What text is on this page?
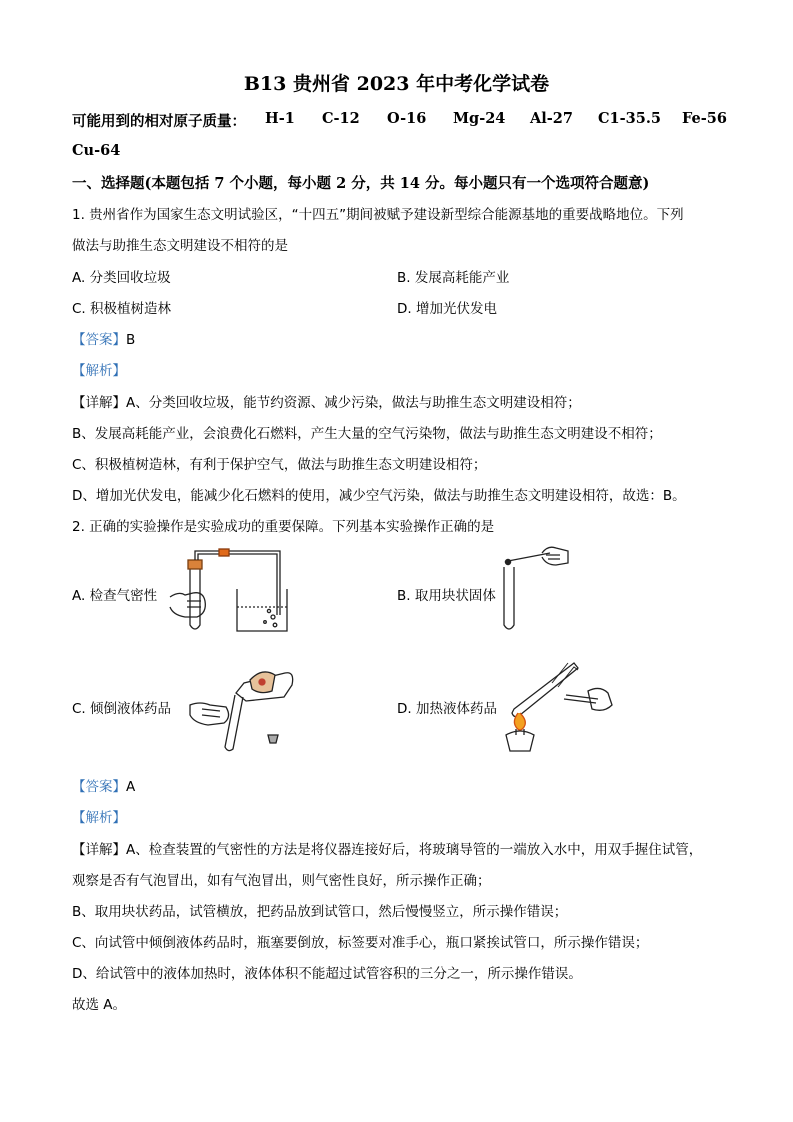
B13 贵州省 2023 年中考化学试卷
可能用到的相对原子质量： H-1 C-12 O-16 Mg-24 Al-27 C1-35.5 Fe-56
Cu-64
一、选择题(本题包括 7 个小题，每小题 2 分，共 14 分。每小题只有一个选项符合题意)
1. 贵州省作为国家生态文明试验区，“十四五”期间被赋予建设新型综合能源基地的重要战略地位。下列
做法与助推生态文明建设不相符的是
A. 分类回收垃圾	B. 发展高耗能产业
C. 积极植树造林	D. 增加光伏发电
【答案】B
【解析】
【详解】A、分类回收垃圾，能节约资源、减少污染，做法与助推生态文明建设相符；
B、发展高耗能产业，会浪费化石燃料，产生大量的空气污染物，做法与助推生态文明建设不相符；
C、积极植树造林，有利于保护空气，做法与助推生态文明建设相符；
D、增加光伏发电，能减少化石燃料的使用，减少空气污染，做法与助推生态文明建设相符，故选：B。
2. 正确的实验操作是实验成功的重要保障。下列基本实验操作正确的是
A. 检查气密性	B. 取用块状固体
C. 倾倒液体药品	D. 加热液体药品
【答案】A
【解析】
【详解】A、检查装置的气密性的方法是将仪器连接好后，将玻璃导管的一端放入水中，用双手握住试管，
观察是否有气泡冒出，如有气泡冒出，则气密性良好，所示操作正确；
B、取用块状药品，试管横放，把药品放到试管口，然后慢慢竖立，所示操作错误；
C、向试管中倾倒液体药品时，瓶塞要倒放，标签要对准手心，瓶口紧挨试管口，所示操作错误；
D、给试管中的液体加热时，液体体积不能超过试管容积的三分之一，所示操作错误。
故选 A。
